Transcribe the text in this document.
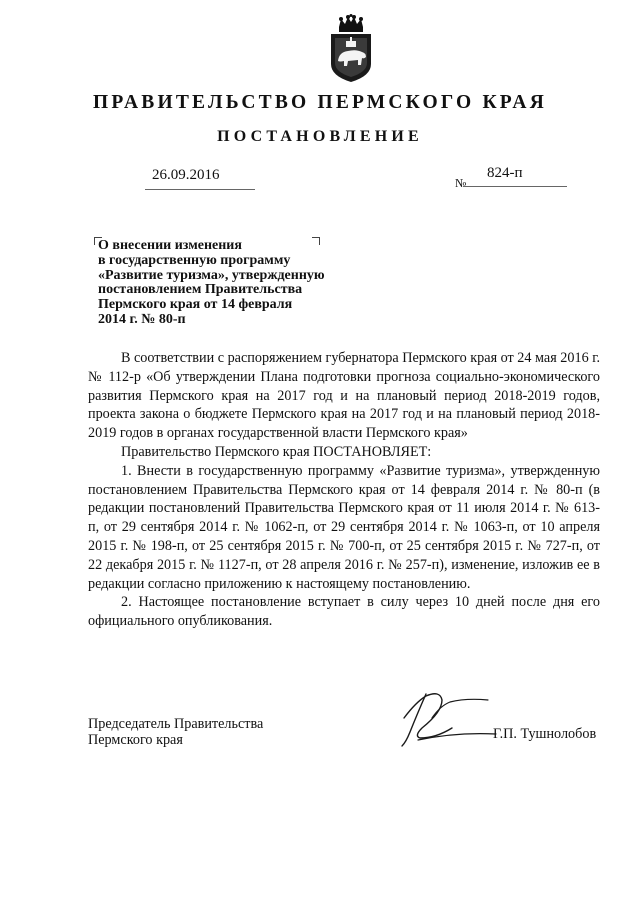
ПРАВИТЕЛЬСТВО ПЕРМСКОГО КРАЯ
ПОСТАНОВЛЕНИЕ
26.09.2016	№
824-п
О внесении изменения
в государственную программу
«Развитие туризма», утвержденную
постановлением Правительства
Пермского края от 14 февраля
2014 г. № 80-п

В соответствии с распоряжением губернатора Пермского края от 24 мая 2016 г. № 112-р «Об утверждении Плана подготовки прогноза социально-экономического развития Пермского края на 2017 год и на плановый период 2018-2019 годов, проекта закона о бюджете Пермского края на 2017 год и на плановый период 2018-2019 годов в органах государственной власти Пермского края»

Правительство Пермского края ПОСТАНОВЛЯЕТ:

1. Внести в государственную программу «Развитие туризма», утвержденную постановлением Правительства Пермского края от 14 февраля 2014 г. № 80-п (в редакции постановлений Правительства Пермского края от 11 июля 2014 г. № 613-п, от 29 сентября 2014 г. № 1062-п, от 29 сентября 2014 г. № 1063-п, от 10 апреля 2015 г. № 198-п, от 25 сентября 2015 г. № 700-п, от 25 сентября 2015 г. № 727-п, от 22 декабря 2015 г. № 1127-п, от 28 апреля 2016 г. № 257-п), изменение, изложив ее в редакции согласно приложению к настоящему постановлению.

2. Настоящее постановление вступает в силу через 10 дней после дня его официального опубликования.

Председатель Правительства
Пермского края	Г.П. Тушнолобов
